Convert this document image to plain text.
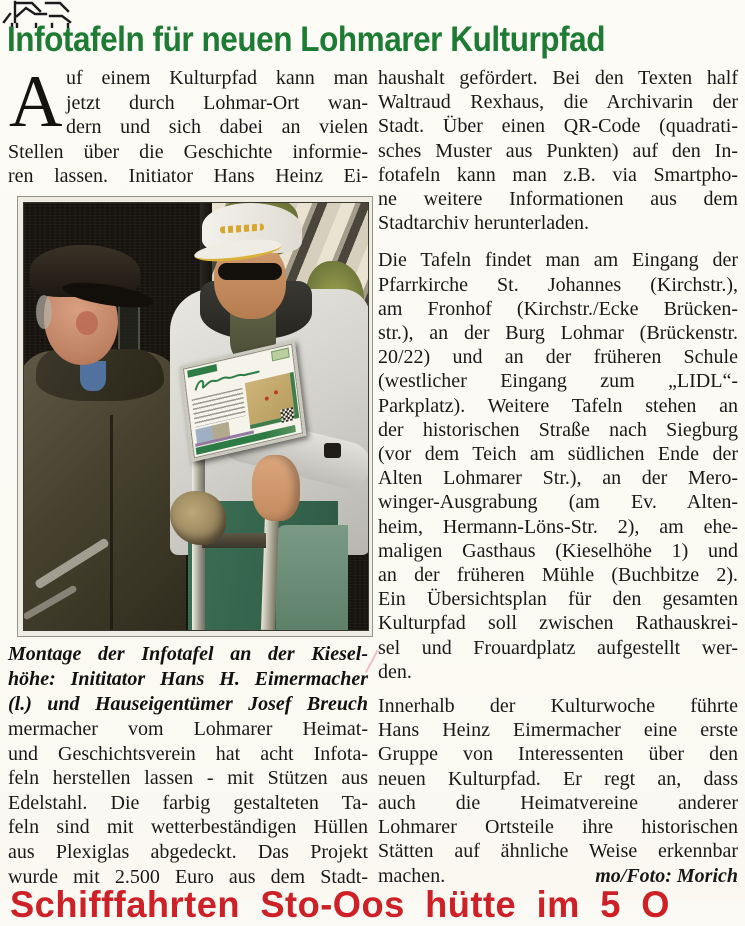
Infotafeln für neuen Lohmarer Kulturpfad
A uf einem Kulturpfad kann man
jetzt durch Lohmar-Ort wan-
dern und sich dabei an vielen
Stellen über die Geschichte informie-
ren lassen. Initiator Hans Heinz Ei-
Montage der Infotafel an der Kiesel-
höhe: Inititator Hans H. Eimermacher
(l.) und Hauseigentümer Josef Breuch
mermacher vom Lohmarer Heimat-
und Geschichtsverein hat acht Infota-
feln herstellen lassen - mit Stützen aus
Edelstahl. Die farbig gestalteten Ta-
feln sind mit wetterbeständigen Hüllen
aus Plexiglas abgedeckt. Das Projekt
wurde mit 2.500 Euro aus dem Stadt-
haushalt gefördert. Bei den Texten half
Waltraud Rexhaus, die Archivarin der
Stadt. Über einen QR-Code (quadrati-
sches Muster aus Punkten) auf den In-
fotafeln kann man z.B. via Smartpho-
ne weitere Informationen aus dem
Stadtarchiv herunterladen.
Die Tafeln findet man am Eingang der
Pfarrkirche St. Johannes (Kirchstr.),
am Fronhof (Kirchstr./Ecke Brücken-
str.), an der Burg Lohmar (Brückenstr.
20/22) und an der früheren Schule
(westlicher Eingang zum „LIDL“-
Parkplatz). Weitere Tafeln stehen an
der historischen Straße nach Siegburg
(vor dem Teich am südlichen Ende der
Alten Lohmarer Str.), an der Mero-
winger-Ausgrabung (am Ev. Alten-
heim, Hermann-Löns-Str. 2), am ehe-
maligen Gasthaus (Kieselhöhe 1) und
an der früheren Mühle (Buchbitze 2).
Ein Übersichtsplan für den gesamten
Kulturpfad soll zwischen Rathauskrei-
sel und Frouardplatz aufgestellt wer-
den.
Innerhalb der Kulturwoche führte
Hans Heinz Eimermacher eine erste
Gruppe von Interessenten über den
neuen Kulturpfad. Er regt an, dass
auch die Heimatvereine anderer
Lohmarer Ortsteile ihre historischen
Stätten auf ähnliche Weise erkennbar
machen.	mo/Foto: Morich
Schifffahrten Sto-Oos hütte im 5 O
